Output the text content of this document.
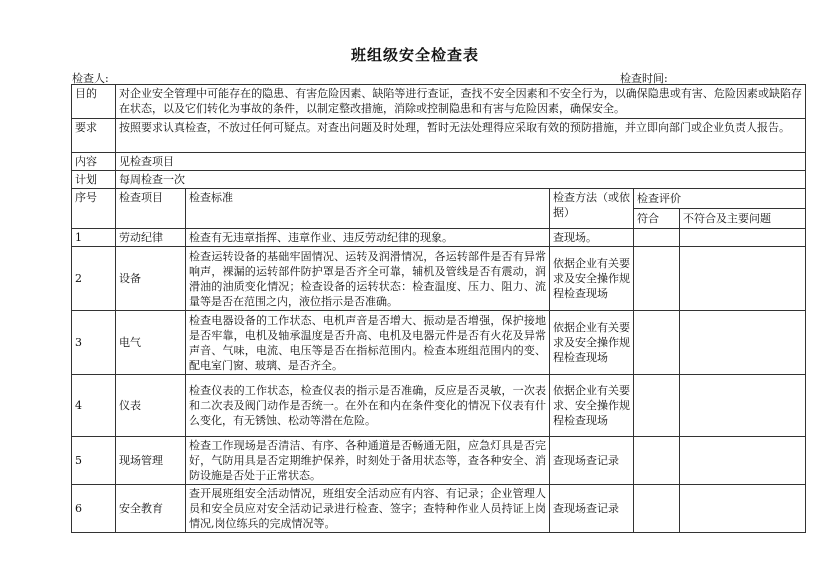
班组级安全检查表
检查人:	检查时间:
目的	对企业安全管理中可能存在的隐患、有害危险因素、缺陷等进行查证，查找不安全因素和不安全行为，以确保隐患或有害、危险因素或缺陷存在状态，以及它们转化为事故的条件，以制定整改措施，消除或控制隐患和有害与危险因素，确保安全。				
要求	按照要求认真检查，不放过任何可疑点。对查出问题及时处理，暂时无法处理得应采取有效的预防措施，并立即向部门或企业负责人报告。				
内容	见检查项目				
计划	每周检查一次				
序号	检查项目	检查标准	检查方法（或依据）	检查评价	
				符合	不符合及主要问题
1	劳动纪律	检查有无违章指挥、违章作业、违反劳动纪律的现象。	查现场。		
2	设备	检查运转设备的基础牢固情况、运转及润滑情况，各运转部件是否有异常响声，裸漏的运转部件防护罩是否齐全可靠，辅机及管线是否有震动，润滑油的油质变化情况；检查设备的运转状态：检查温度、压力、阻力、流量等是否在范围之内，液位指示是否准确。	依据企业有关要求及安全操作规程检查现场		
3	电气	检查电器设备的工作状态、电机声音是否增大、振动是否增强，保护接地是否牢靠，电机及轴承温度是否升高、电机及电器元件是否有火花及异常声音、气味，电流、电压等是否在指标范围内。检查本班组范围内的变、配电室门窗、玻璃、是否齐全。	依据企业有关要求及安全操作规程检查现场		
4	仪表	检查仪表的工作状态，检查仪表的指示是否准确，反应是否灵敏，一次表和二次表及阀门动作是否统一。在外在和内在条件变化的情况下仪表有什么变化，有无锈蚀、松动等潜在危险。	依据企业有关要求、安全操作规程检查现场		
5	现场管理	检查工作现场是否清洁、有序、各种通道是否畅通无阻，应急灯具是否完好，气防用具是否定期维护保养，时刻处于备用状态等，查各种安全、消防设施是否处于正常状态。	查现场查记录		
6	安全教育	查开展班组安全活动情况，班组安全活动应有内容、有记录；企业管理人员和安全员应对安全活动记录进行检查、签字；查特种作业人员持证上岗情况,岗位练兵的完成情况等。	查现场查记录		
